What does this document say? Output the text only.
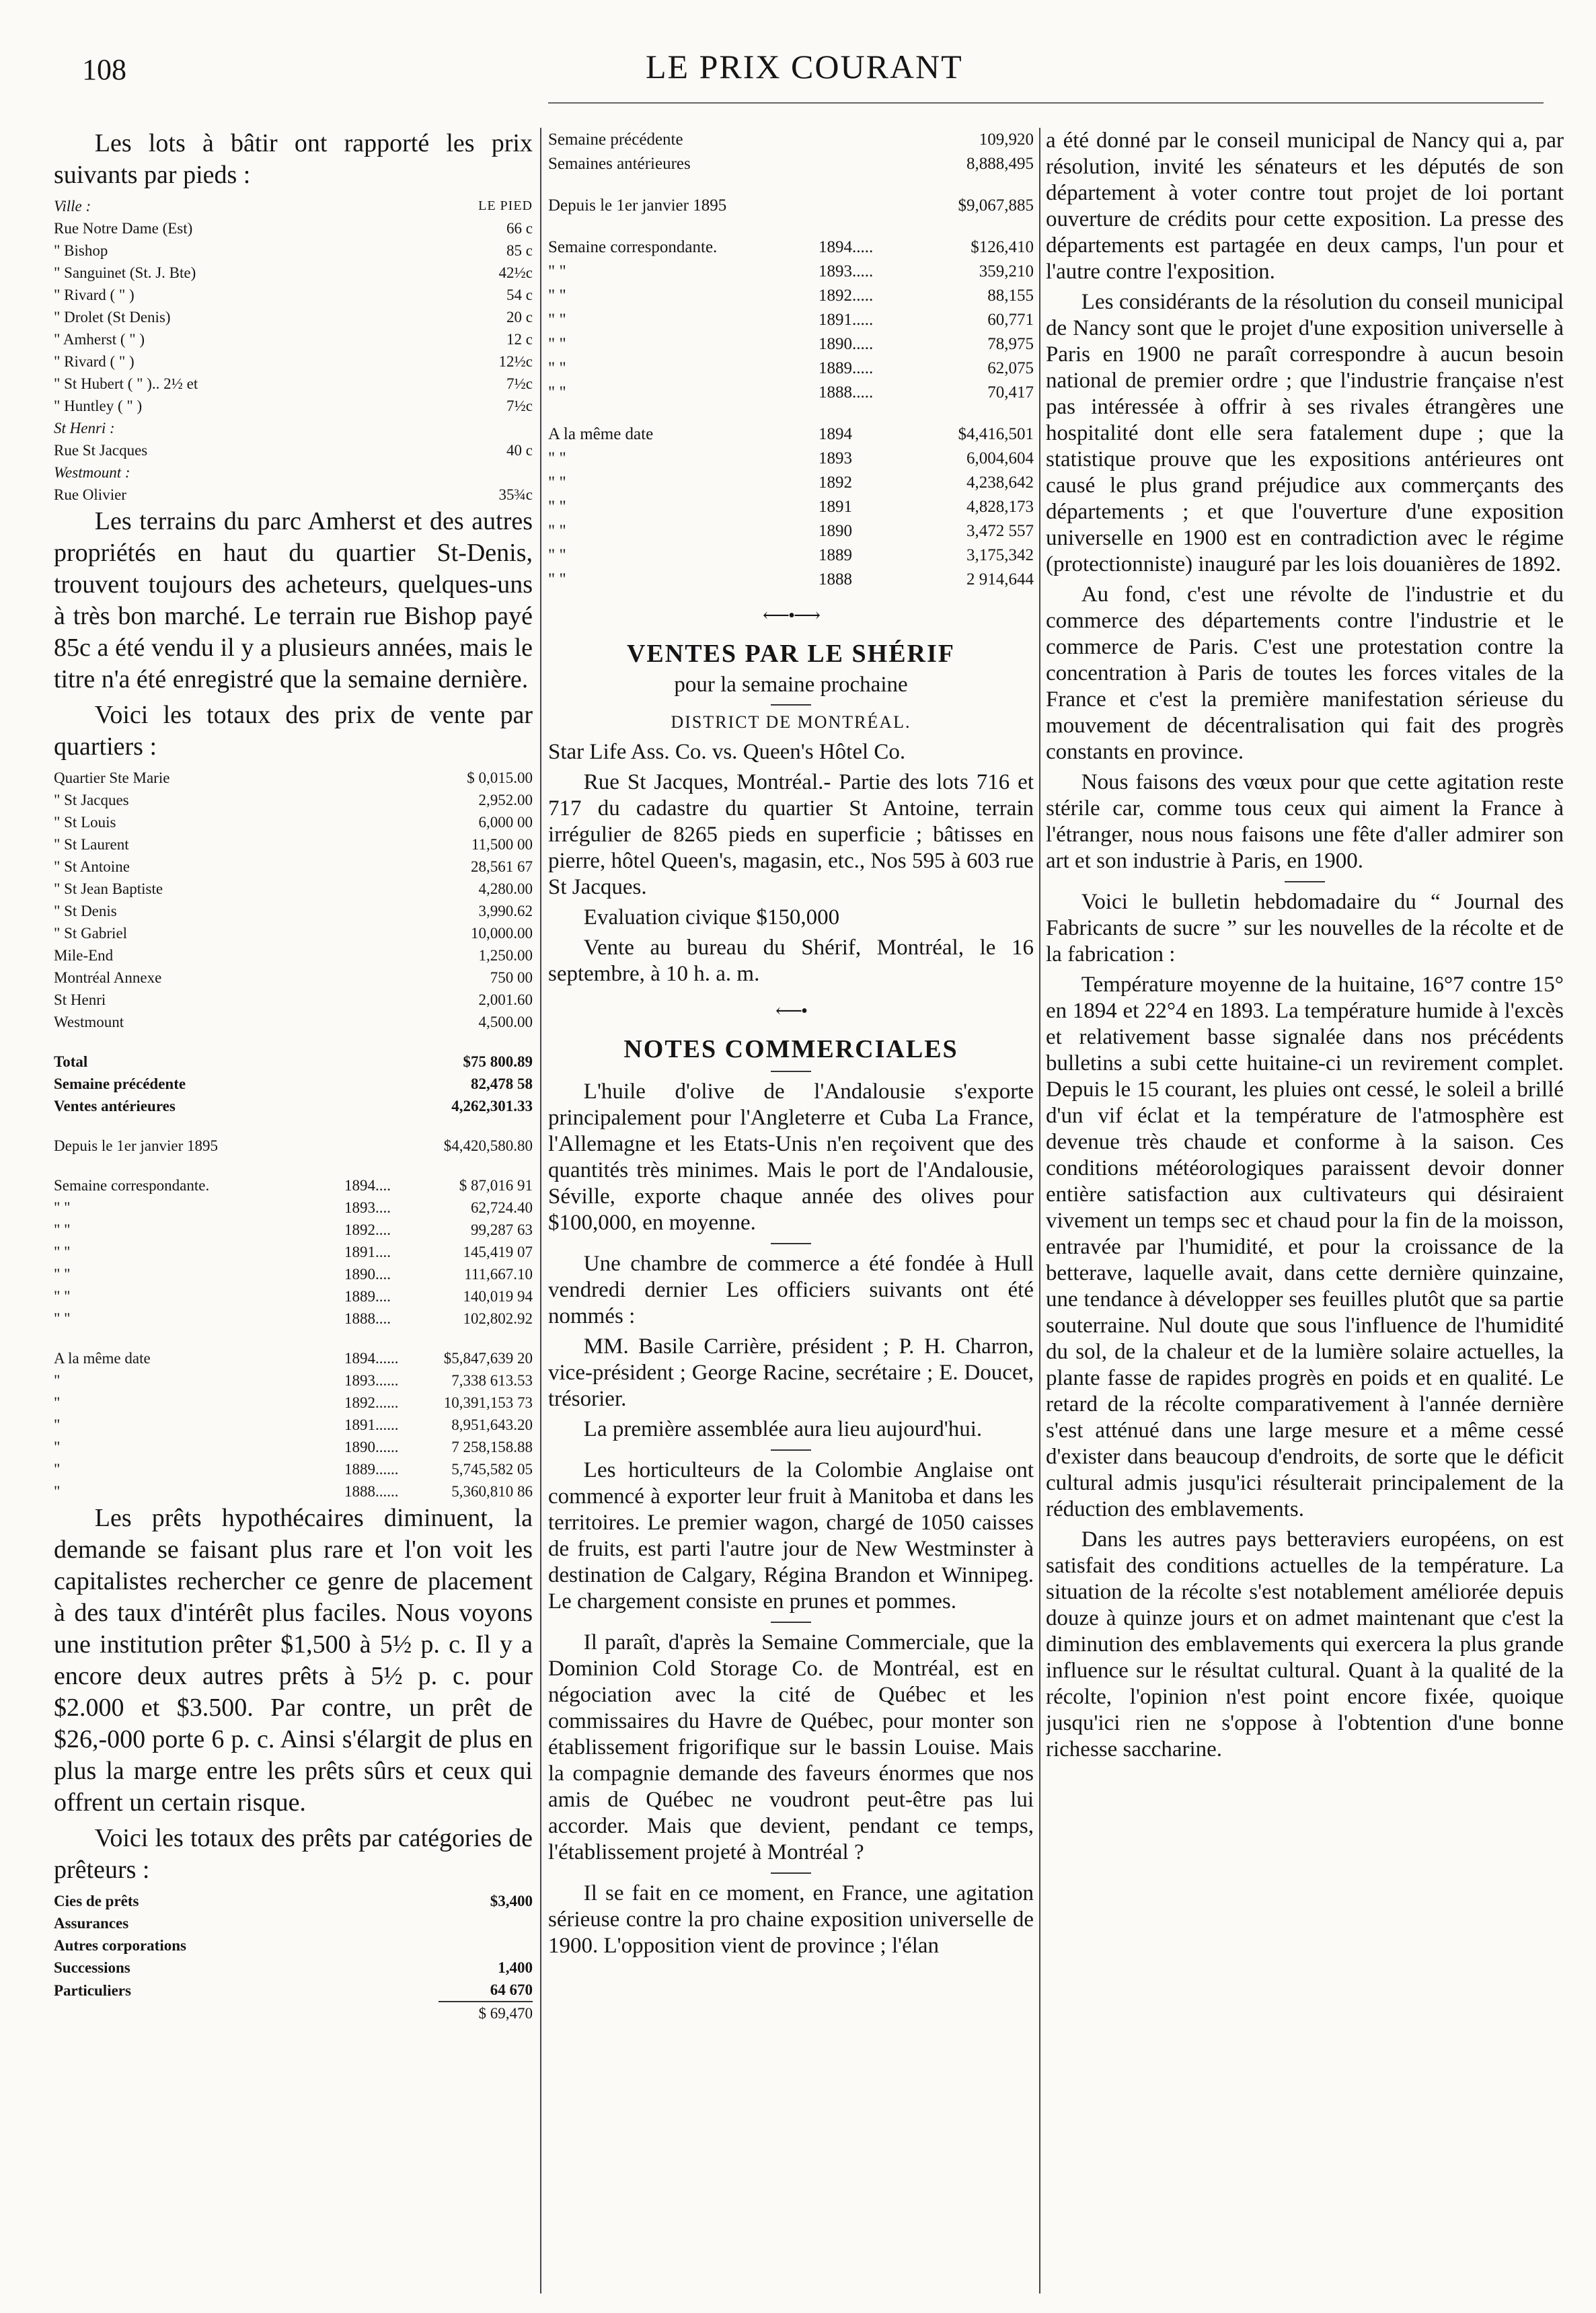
108	LE PRIX COURANT

Les lots à bâtir ont rapporté les prix suivants par pieds :

Ville :	LE PIED
Rue Notre Dame (Est)	66 c
" Bishop	85 c
" Sanguinet (St. J. Bte)	42½c
" Rivard ( " )	54 c
" Drolet (St Denis)	20 c
" Amherst ( " )	12 c
" Rivard ( " )	12½c
" St Hubert ( " ).. 2½ et	7½c
" Huntley ( " )	7½c
St Henri :	
Rue St Jacques	40 c
Westmount :	
Rue Olivier	35¾c

Les terrains du parc Amherst et des autres propriétés en haut du quartier St-Denis, trouvent toujours des acheteurs, quelques-uns à très bon marché. Le terrain rue Bishop payé 85c a été vendu il y a plusieurs années, mais le titre n'a été enregistré que la semaine dernière.

Voici les totaux des prix de vente par quartiers :

Quartier Ste Marie	$ 0,015.00
" St Jacques	2,952.00
" St Louis	6,000 00
" St Laurent	11,500 00
" St Antoine	28,561 67
" St Jean Baptiste	4,280.00
" St Denis	3,990.62
" St Gabriel	10,000.00
Mile-End	1,250.00
Montréal Annexe	750 00
St Henri	2,001.60
Westmount	4,500.00
Total	$75 800.89
Semaine précédente	82,478 58
Ventes antérieures	4,262,301.33
Depuis le 1er janvier 1895	$4,420,580.80
Semaine correspondante.	1894....	$ 87,016 91
" "	1893....	62,724.40
" "	1892....	99,287 63
" "	1891....	145,419 07
" "	1890....	111,667.10
" "	1889....	140,019 94
" "	1888....	102,802.92
A la même date	1894......	$5,847,639 20
"	1893......	7,338 613.53
"	1892......	10,391,153 73
"	1891......	8,951,643.20
"	1890......	7 258,158.88
"	1889......	5,745,582 05
"	1888......	5,360,810 86

Les prêts hypothécaires diminuent, la demande se faisant plus rare et l'on voit les capitalistes rechercher ce genre de placement à des taux d'intérêt plus faciles. Nous voyons une institution prêter $1,500 à 5½ p. c. Il y a encore deux autres prêts à 5½ p. c. pour $2.000 et $3.500. Par contre, un prêt de $26,-000 porte 6 p. c. Ainsi s'élargit de plus en plus la marge entre les prêts sûrs et ceux qui offrent un certain risque.

Voici les totaux des prêts par catégories de prêteurs :

Cies de prêts	$3,400
Assurances	
Autres corporations	
Successions	1,400
Particuliers	64 670
	$ 69,470
Semaine précédente	109,920
Semaines antérieures	8,888,495
Depuis le 1er janvier 1895	$9,067,885
Semaine correspondante.	1894.....	$126,410
" "	1893.....	359,210
" "	1892.....	88,155
" "	1891.....	60,771
" "	1890.....	78,975
" "	1889.....	62,075
" "	1888.....	70,417
A la même date	1894	$4,416,501
" "	1893	6,004,604
" "	1892	4,238,642
" "	1891	4,828,173
" "	1890	3,472 557
" "	1889	3,175,342
" "	1888	2 914,644
⟵•⟶
VENTES PAR LE SHÉRIF
pour la semaine prochaine
DISTRICT DE MONTRÉAL.

Star Life Ass. Co. vs. Queen's Hôtel Co.

Rue St Jacques, Montréal.- Partie des lots 716 et 717 du cadastre du quartier St Antoine, terrain irrégulier de 8265 pieds en superficie ; bâtisses en pierre, hôtel Queen's, magasin, etc., Nos 595 à 603 rue St Jacques.

Evaluation civique $150,000

Vente au bureau du Shérif, Montréal, le 16 septembre, à 10 h. a. m.

⟵•
NOTES COMMERCIALES

L'huile d'olive de l'Andalousie s'exporte principalement pour l'Angleterre et Cuba La France, l'Allemagne et les Etats-Unis n'en reçoivent que des quantités très minimes. Mais le port de l'Andalousie, Séville, exporte chaque année des olives pour $100,000, en moyenne.

Une chambre de commerce a été fondée à Hull vendredi dernier Les officiers suivants ont été nommés :

MM. Basile Carrière, président ; P. H. Charron, vice-président ; George Racine, secrétaire ; E. Doucet, trésorier.

La première assemblée aura lieu aujourd'hui.

Les horticulteurs de la Colombie Anglaise ont commencé à exporter leur fruit à Manitoba et dans les territoires. Le premier wagon, chargé de 1050 caisses de fruits, est parti l'autre jour de New Westminster à destination de Calgary, Régina Brandon et Winnipeg. Le chargement consiste en prunes et pommes.

Il paraît, d'après la Semaine Commerciale, que la Dominion Cold Storage Co. de Montréal, est en négociation avec la cité de Québec et les commissaires du Havre de Québec, pour monter son établissement frigorifique sur le bassin Louise. Mais la compagnie demande des faveurs énormes que nos amis de Québec ne voudront peut-être pas lui accorder. Mais que devient, pendant ce temps, l'établissement projeté à Montréal ?

Il se fait en ce moment, en France, une agitation sérieuse contre la pro chaine exposition universelle de 1900. L'opposition vient de province ; l'élan

a été donné par le conseil municipal de Nancy qui a, par résolution, invité les sénateurs et les députés de son département à voter contre tout projet de loi portant ouverture de crédits pour cette exposition. La presse des départements est partagée en deux camps, l'un pour et l'autre contre l'exposition.

Les considérants de la résolution du conseil municipal de Nancy sont que le projet d'une exposition universelle à Paris en 1900 ne paraît correspondre à aucun besoin national de premier ordre ; que l'industrie française n'est pas intéressée à offrir à ses rivales étrangères une hospitalité dont elle sera fatalement dupe ; que la statistique prouve que les expositions antérieures ont causé le plus grand préjudice aux commerçants des départements ; et que l'ouverture d'une exposition universelle en 1900 est en contradiction avec le régime (protectionniste) inauguré par les lois douanières de 1892.

Au fond, c'est une révolte de l'industrie et du commerce des départements contre l'industrie et le commerce de Paris. C'est une protestation contre la concentration à Paris de toutes les forces vitales de la France et c'est la première manifestation sérieuse du mouvement de décentralisation qui fait des progrès constants en province.

Nous faisons des vœux pour que cette agitation reste stérile car, comme tous ceux qui aiment la France à l'étranger, nous nous faisons une fête d'aller admirer son art et son industrie à Paris, en 1900.

Voici le bulletin hebdomadaire du “ Journal des Fabricants de sucre ” sur les nouvelles de la récolte et de la fabrication :

Température moyenne de la huitaine, 16°7 contre 15° en 1894 et 22°4 en 1893. La température humide à l'excès et relativement basse signalée dans nos précédents bulletins a subi cette huitaine-ci un revirement complet. Depuis le 15 courant, les pluies ont cessé, le soleil a brillé d'un vif éclat et la température de l'atmosphère est devenue très chaude et conforme à la saison. Ces conditions météorologiques paraissent devoir donner entière satisfaction aux cultivateurs qui désiraient vivement un temps sec et chaud pour la fin de la moisson, entravée par l'humidité, et pour la croissance de la betterave, laquelle avait, dans cette dernière quinzaine, une tendance à développer ses feuilles plutôt que sa partie souterraine. Nul doute que sous l'influence de l'humidité du sol, de la chaleur et de la lumière solaire actuelles, la plante fasse de rapides progrès en poids et en qualité. Le retard de la récolte comparativement à l'année dernière s'est atténué dans une large mesure et a même cessé d'exister dans beaucoup d'endroits, de sorte que le déficit cultural admis jusqu'ici résulterait principalement de la réduction des emblavements.

Dans les autres pays betteraviers européens, on est satisfait des conditions actuelles de la température. La situation de la récolte s'est notablement améliorée depuis douze à quinze jours et on admet maintenant que c'est la diminution des emblavements qui exercera la plus grande influence sur le résultat cultural. Quant à la qualité de la récolte, l'opinion n'est point encore fixée, quoique jusqu'ici rien ne s'oppose à l'obtention d'une bonne richesse saccharine.
